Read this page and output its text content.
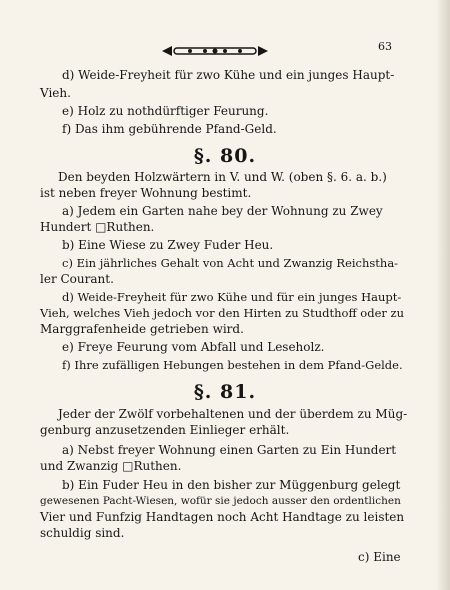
63
d) Weide-Freyheit für zwo Kühe und ein junges Haupt-
Vieh.
e) Holz zu nothdürftiger Feurung.
f) Das ihm gebührende Pfand-Geld.
§. 80.
Den beyden Holzwärtern in V. und W. (oben §. 6. a. b.)
ist neben freyer Wohnung bestimt.
a) Jedem ein Garten nahe bey der Wohnung zu Zwey
Hundert □Ruthen.
b) Eine Wiese zu Zwey Fuder Heu.
c) Ein jährliches Gehalt von Acht und Zwanzig Reichstha-
ler Courant.
d) Weide-Freyheit für zwo Kühe und für ein junges Haupt-
Vieh, welches Vieh jedoch vor den Hirten zu Studthoff oder zu
Marggrafenheide getrieben wird.
e) Freye Feurung vom Abfall und Leseholz.
f) Ihre zufälligen Hebungen bestehen in dem Pfand-Gelde.
§. 81.
Jeder der Zwölf vorbehaltenen und der überdem zu Müg-
genburg anzusetzenden Einlieger erhält.
a) Nebst freyer Wohnung einen Garten zu Ein Hundert
und Zwanzig □Ruthen.
b) Ein Fuder Heu in den bisher zur Müggenburg gelegt
gewesenen Pacht-Wiesen, wofür sie jedoch ausser den ordentlichen
Vier und Funfzig Handtagen noch Acht Handtage zu leisten
schuldig sind.
c) Eine
